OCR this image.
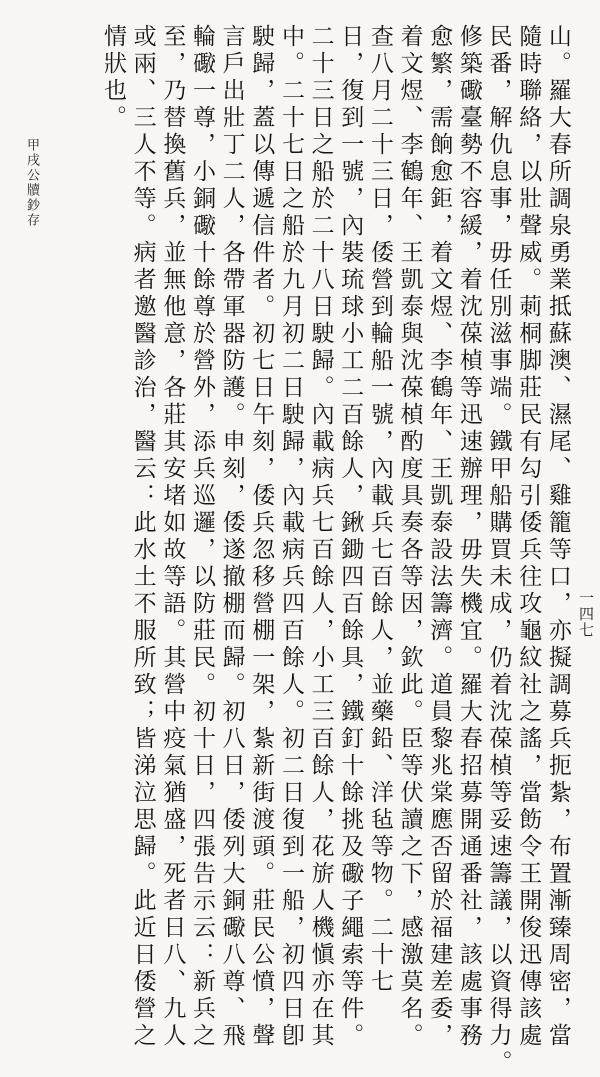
山。羅大春所調泉勇業抵蘇澳、濕尾、雞籠等口，亦擬調募兵扼紮，布置漸臻周密，當
隨時聯絡，以壯聲威。莿桐脚莊民有勾引倭兵往攻龜紋社之謠，當飭令王開俊迅傳該處
民番，解仇息事，毋任別滋事端。鐵甲船購買未成，仍着沈葆楨等妥速籌議，以資得力。
修築礮臺勢不容緩，着沈葆楨等迅速辦理，毋失機宜。羅大春招募開通番社，該處事務
愈繁，需餉愈鉅，着文煜、李鶴年、王凱泰設法籌濟。道員黎兆棠應否留於福建差委，
着文煜、李鶴年、王凱泰與沈葆楨酌度具奏各等因，欽此。臣等伏讀之下，感激莫名。
查八月二十三日，倭營到輪船一號，內載兵七百餘人，並藥鉛、洋毡等物。二十七
日，復到一號，內裝琉球小工二百餘人，鍬鋤四百餘具，鐵釘十餘挑及礮子繩索等件。
二十三日之船於二十八日駛歸。內載病兵七百餘人，小工三百餘人，花旂人機愼亦在其
中。二十七日之船於九月初二日駛歸，內載病兵四百餘人。初二日復到一船，初四日卽
駛歸，蓋以傳遞信件者。初七日午刻，倭兵忽移營棚一架，紮新街渡頭。莊民公憤，聲
言戶出壯丁二人，各帶軍器防護。申刻，倭遂撤棚而歸。初八日，倭列大銅礮八尊、飛
輪礮一尊，小銅礮十餘尊於營外，添兵巡邏，以防莊民。初十日，四張告示云：新兵之
至，乃替換舊兵，並無他意，各莊其安堵如故等語。其營中疫氣猶盛，死者日八、九人
或兩、三人不等。病者邀醫診治，醫云：此水土不服所致；皆涕泣思歸。此近日倭營之
情狀也。
甲戌公牘鈔存
一四七
